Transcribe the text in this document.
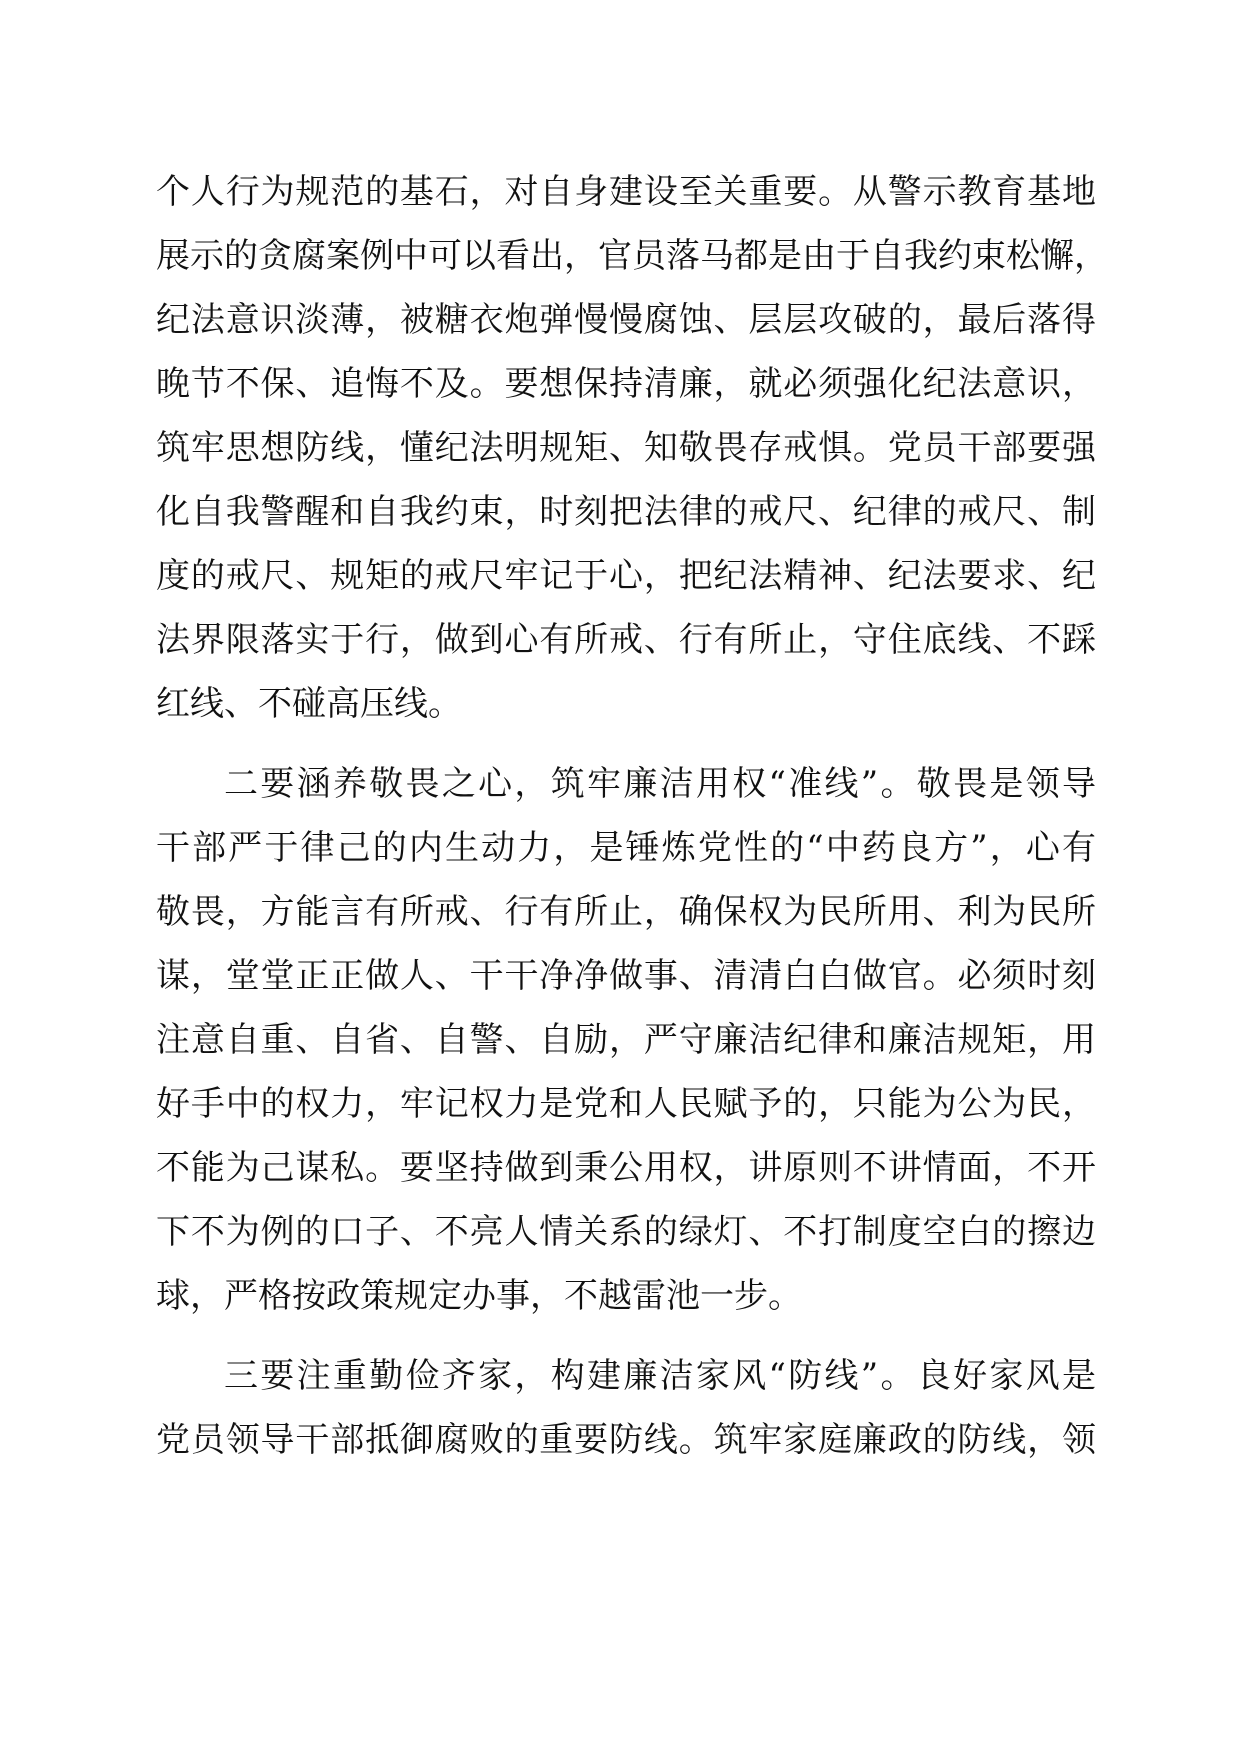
个人行为规范的基石，对自身建设至关重要。从警示教育基地
展示的贪腐案例中可以看出，官员落马都是由于自我约束松懈，
纪法意识淡薄，被糖衣炮弹慢慢腐蚀、层层攻破的，最后落得
晚节不保、追悔不及。要想保持清廉，就必须强化纪法意识，
筑牢思想防线，懂纪法明规矩、知敬畏存戒惧。党员干部要强
化自我警醒和自我约束，时刻把法律的戒尺、纪律的戒尺、制
度的戒尺、规矩的戒尺牢记于心，把纪法精神、纪法要求、纪
法界限落实于行，做到心有所戒、行有所止，守住底线、不踩
红线、不碰高压线。
二要涵养敬畏之心，筑牢廉洁用权“准线”。敬畏是领导
干部严于律己的内生动力，是锤炼党性的“中药良方”，心有
敬畏，方能言有所戒、行有所止，确保权为民所用、利为民所
谋，堂堂正正做人、干干净净做事、清清白白做官。必须时刻
注意自重、自省、自警、自励，严守廉洁纪律和廉洁规矩，用
好手中的权力，牢记权力是党和人民赋予的，只能为公为民，
不能为己谋私。要坚持做到秉公用权，讲原则不讲情面，不开
下不为例的口子、不亮人情关系的绿灯、不打制度空白的擦边
球，严格按政策规定办事，不越雷池一步。
三要注重勤俭齐家，构建廉洁家风“防线”。良好家风是
党员领导干部抵御腐败的重要防线。筑牢家庭廉政的防线，领
